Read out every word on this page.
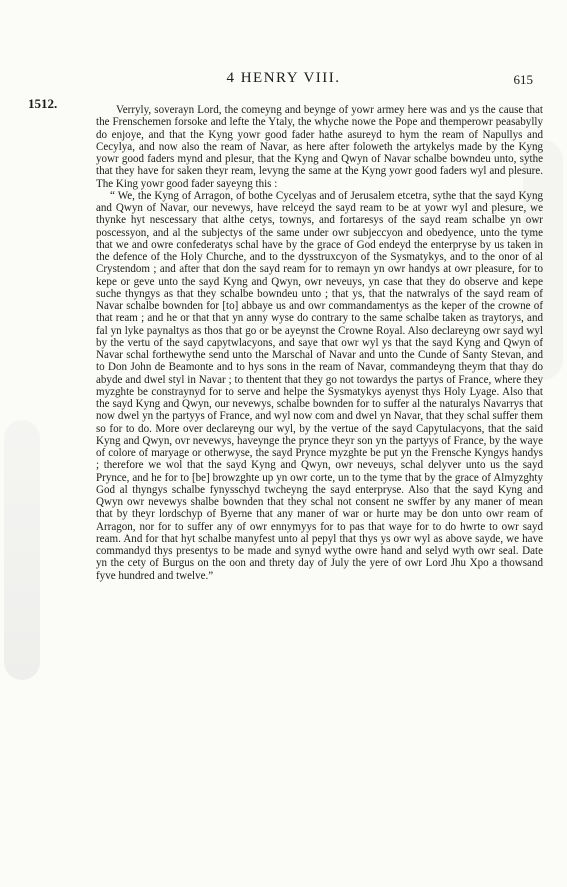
4 HENRY VIII.	615
1512.	Verryly, soverayn Lord, the comeyng and beynge of yowr armey here was and ys the cause that the Frenschemen forsoke and lefte the Ytaly, the whyche nowe the Pope and themperowr peasabylly do enjoye, and that the Kyng yowr good fader hathe asureyd to hym the ream of Napullys and Cecylya, and now also the ream of Navar, as here after foloweth the artykelys made by the Kyng yowr good faders mynd and plesur, that the Kyng and Qwyn of Navar schalbe bowndeu unto, sythe that they have for saken theyr ream, levyng the same at the Kyng yowr good faders wyl and plesure. The King yowr good fader sayeyng this :

“ We, the Kyng of Arragon, of bothe Cycelyas and of Jerusalem etcetra, sythe that the sayd Kyng and Qwyn of Navar, our nevewys, have relceyd the sayd ream to be at yowr wyl and plesure, we thynke hyt nescessary that althe cetys, townys, and fortaresys of the sayd ream schalbe yn owr poscessyon, and al the subjectys of the same under owr subjeccyon and obedyence, unto the tyme that we and owre confederatys schal have by the grace of God endeyd the enterpryse by us taken in the defence of the Holy Churche, and to the dysstruxcyon of the Sysmatykys, and to the onor of al Crystendom ; and after that don the sayd ream for to remayn yn owr handys at owr pleasure, for to kepe or geve unto the sayd Kyng and Qwyn, owr neveuys, yn case that they do observe and kepe suche thyngys as that they schalbe bowndeu unto ; that ys, that the natwralys of the sayd ream of Navar schalbe bownden for [to] abbaye us and owr commandamentys as the keper of the crowne of that ream ; and he or that that yn anny wyse do contrary to the same schalbe taken as traytorys, and fal yn lyke paynaltys as thos that go or be ayeynst the Crowne Royal. Also declareyng owr sayd wyl by the vertu of the sayd capytwlacyons, and saye that owr wyl ys that the sayd Kyng and Qwyn of Navar schal forthewythe send unto the Marschal of Navar and unto the Cunde of Santy Stevan, and to Don John de Beamonte and to hys sons in the ream of Navar, commandeyng theym that thay do abyde and dwel styl in Navar ; to thentent that they go not towardys the partys of France, where they myzghte be constraynyd for to serve and helpe the Sysmatykys ayenyst thys Holy Lyage. Also that the sayd Kyng and Qwyn, our nevewys, schalbe bownden for to suffer al the naturalys Navarrys that now dwel yn the partyys of France, and wyl now com and dwel yn Navar, that they schal suffer them so for to do. More over declareyng our wyl, by the vertue of the sayd Capytulacyons, that the said Kyng and Qwyn, ovr nevewys, haveynge the prynce theyr son yn the partyys of France, by the waye of colore of maryage or otherwyse, the sayd Prynce myzghte be put yn the Frensche Kyngys handys ; therefore we wol that the sayd Kyng and Qwyn, owr neveuys, schal delyver unto us the sayd Prynce, and he for to [be] browzghte up yn owr corte, un to the tyme that by the grace of Almyzghty God al thyngys schalbe fynysschyd twcheyng the sayd enterpryse. Also that the sayd Kyng and Qwyn owr nevewys shalbe bownden that they schal not consent ne swffer by any maner of mean that by theyr lordschyp of Byerne that any maner of war or hurte may be don unto owr ream of Arragon, nor for to suffer any of owr ennymyys for to pas that waye for to do hwrte to owr sayd ream. And for that hyt schalbe manyfest unto al pepyl that thys ys owr wyl as above sayde, we have commandyd thys presentys to be made and synyd wythe owre hand and selyd wyth owr seal. Date yn the cety of Burgus on the oon and threty day of July the yere of owr Lord Jhu Xpo a thowsand fyve hundred and twelve.”
